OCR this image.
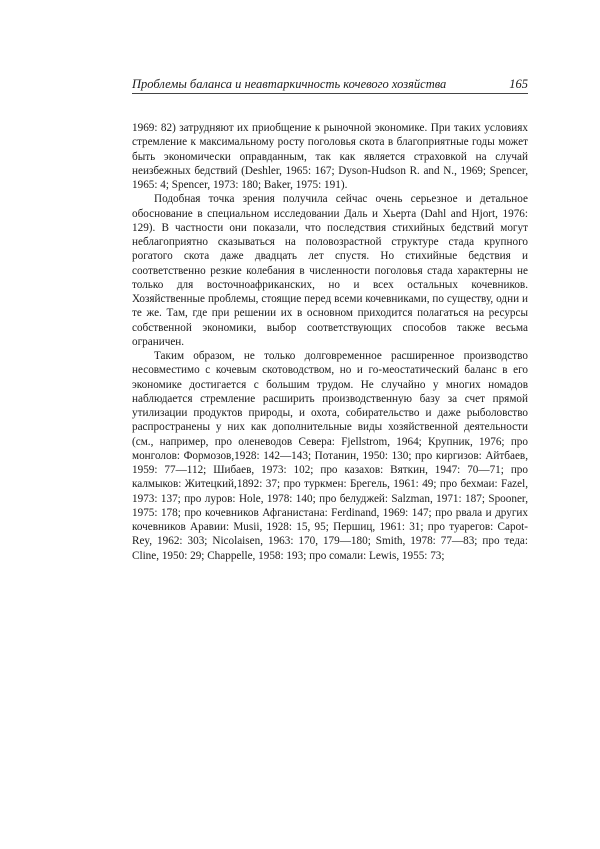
Проблемы баланса и неавтаркичность кочевого хозяйства	165

1969: 82) затрудняют их приобщение к рыночной экономике. При таких условиях стремление к максимальному росту поголовья скота в благоприятные годы может быть экономически оправданным, так как является страховкой на случай неизбежных бедствий (Deshler, 1965: 167; Dyson-Hudson R. and N., 1969; Spencer, 1965: 4; Spencer, 1973: 180; Baker, 1975: 191).

Подобная точка зрения получила сейчас очень серьезное и детальное обоснование в специальном исследовании Даль и Хьерта (Dahl and Hjort, 1976: 129). В частности они показали, что последствия стихийных бедствий могут неблагоприятно сказываться на половозрастной структуре стада крупного рогатого скота даже двадцать лет спустя. Но стихийные бедствия и соответственно резкие колебания в численности поголовья стада характерны не только для восточноафриканских, но и всех остальных кочевников. Хозяйственные проблемы, стоящие перед всеми кочевниками, по существу, одни и те же. Там, где при решении их в основном приходится полагаться на ресурсы собственной экономики, выбор соответствующих способов также весьма ограничен.

Таким образом, не только долговременное расширенное производство несовместимо с кочевым скотоводством, но и го-меостатический баланс в его экономике достигается с большим трудом. Не случайно у многих номадов наблюдается стремление расширить производственную базу за счет прямой утилизации продуктов природы, и охота, собирательство и даже рыболовство распространены у них как дополнительные виды хозяйственной деятельности (см., например, про оленеводов Севера: Fjellstrom, 1964; Крупник, 1976; про монголов: Формозов,1928: 142—143; Потанин, 1950: 130; про киргизов: Айтбаев, 1959: 77—112; Шибаев, 1973: 102; про казахов: Вяткин, 1947: 70—71; про калмыков: Житецкий,1892: 37; про туркмен: Брегель, 1961: 49; про бехмаи: Fazel, 1973: 137; про луров: Hole, 1978: 140; про белуджей: Salzman, 1971: 187; Spooner, 1975: 178; про кочевников Афганистана: Ferdinand, 1969: 147; про рвала и других кочевников Аравии: Musii, 1928: 15, 95; Першиц, 1961: 31; про туарегов: Capot-Rey, 1962: 303; Nicolaisen, 1963: 170, 179—180; Smith, 1978: 77—83; про теда: Cline, 1950: 29; Chappelle, 1958: 193; про сомали: Lewis, 1955: 73;
